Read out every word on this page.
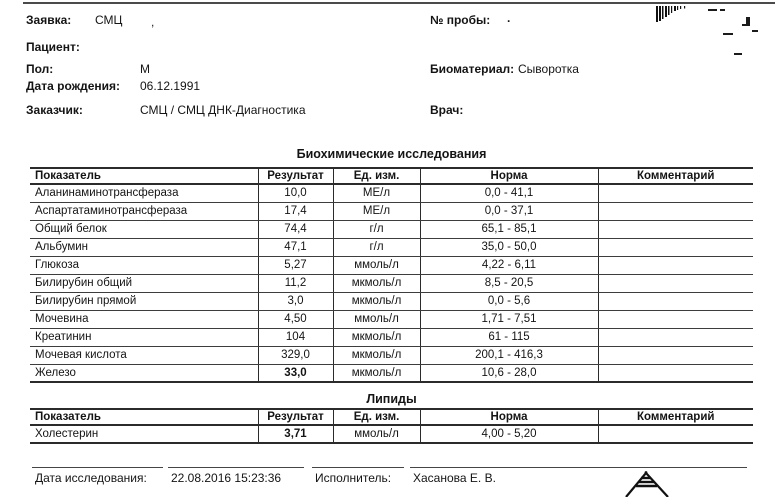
Заявка: СМЦ ,
Пациент:
Пол:	М
Дата рождения: 06.12.1991
Заказчик:	СМЦ / СМЦ ДНК-Диагностика
№ пробы: .
Биоматериал: Сыворотка
Врач:
Биохимические исследования
Показатель	Результат	Ед. изм.	Норма	Комментарий
Аланинаминотрансфераза	10,0	МЕ/л	0,0 - 41,1	
Аспартатаминотрансфераза	17,4	МЕ/л	0,0 - 37,1	
Общий белок	74,4	г/л	65,1 - 85,1	
Альбумин	47,1	г/л	35,0 - 50,0	
Глюкоза	5,27	ммоль/л	4,22 - 6,11	
Билирубин общий	11,2	мкмоль/л	8,5 - 20,5	
Билирубин прямой	3,0	мкмоль/л	0,0 - 5,6	
Мочевина	4,50	ммоль/л	1,71 - 7,51	
Креатинин	104	мкмоль/л	61 - 115	
Мочевая кислота	329,0	мкмоль/л	200,1 - 416,3	
Железо	33,0	мкмоль/л	10,6 - 28,0	
Липиды
Показатель	Результат	Ед. изм.	Норма	Комментарий
Холестерин	3,71	ммоль/л	4,00 - 5,20	
Дата исследования:	22.08.2016 15:23:36	Исполнитель:	Хасанова Е. В.
